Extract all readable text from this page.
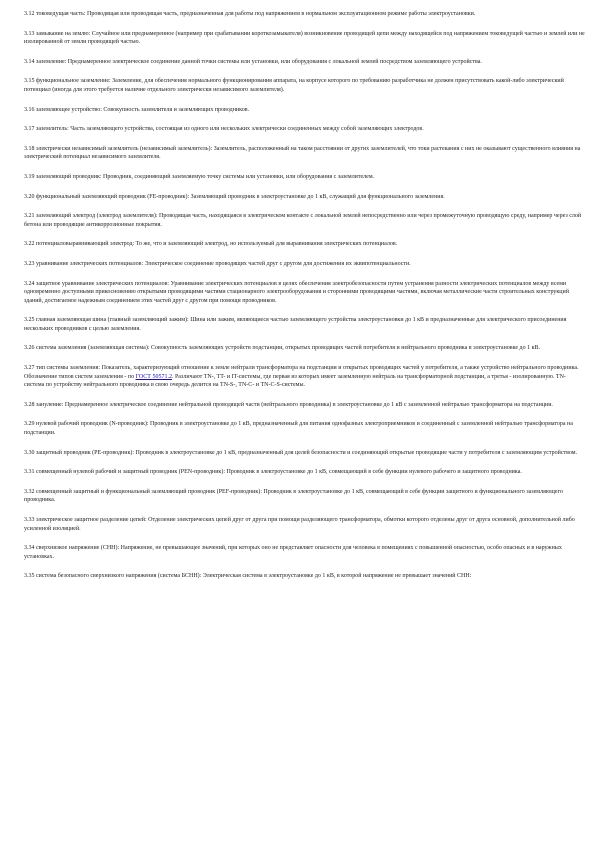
3.12 токоведущая часть: Проводящая или проводящая часть, предназначенная для работы под напряжением в нормальном эксплуатационном режиме работы электроустановки.

3.13 замыкание на землю: Случайное или преднамеренное (например при срабатывании короткозамыкателя) возникновение проводящей цепи между находящейся под напряжением токоведущей частью и землей или не изолированной от земли проводящей частью.

3.14 заземление: Преднамеренное электрическое соединение данной точки системы или установки, или оборудования с локальной землей посредством заземляющего устройства.

3.15 функциональное заземление: Заземление, для обеспечения нормального функционирования аппарата, на корпусе которого по требованию разработчика не должен присутствовать какой-либо электрический потенциал (иногда для этого требуется наличие отдельного электрически независимого заземлителя).

3.16 заземляющее устройство: Совокупность заземлителя и заземляющих проводников.

3.17 заземлитель: Часть заземляющего устройства, состоящая из одного или нескольких электрически соединенных между собой заземляющих электродов.

3.18 электрически независимый заземлитель (независимый заземлитель): Заземлитель, расположенный на таком расстоянии от других заземлителей, что токи растекания с них не оказывают существенного влияния на электрический потенциал независимого заземлителя.

3.19 заземляющий проводник: Проводник, соединяющий заземляемую точку системы или установки, или оборудования с заземлителем.

3.20 функциональный заземляющий проводник (FE-проводник): Заземляющий проводник в электроустановке до 1 кВ, служащий для функционального заземления.

3.21 заземляющий электрод (электрод заземлителя): Проводящая часть, находящаяся в электрическом контакте с локальной землей непосредственно или через промежуточную проводящую среду, например через слой бетона или проводящие антикоррозионные покрытия.

3.22 потенциаловыравнивающий электрод: То же, что и заземляющий электрод, но используемый для выравнивания электрических потенциалов.

3.23 уравнивание электрических потенциалов: Электрическое соединение проводящих частей друг с другом для достижения их эквипотенциальности.

3.24 защитное уравнивание электрических потенциалов: Уравнивание электрических потенциалов в целях обеспечения электробезопасности путем устранения разности электрических потенциалов между всеми одновременно доступными прикосновению открытыми проводящими частями стационарного электрооборудования и сторонними проводящими частями, включая металлические части строительных конструкций зданий, достигаемое надежным соединением этих частей друг с другом при помощи проводников.

3.25 главная заземляющая шина (главный заземляющий зажим): Шина или зажим, являющиеся частью заземляющего устройства электроустановки до 1 кВ и предназначенные для электрического присоединения нескольких проводников с целью заземления.

3.26 система заземления (заземляющая система): Совокупность заземляющих устройств подстанции, открытых проводящих частей потребителя и нейтрального проводника в электроустановке до 1 кВ.

3.27 тип системы заземления: Показатель, характеризующий отношение к земле нейтрали трансформатора на подстанции и открытых проводящих частей у потребителя, а также устройство нейтрального проводника. Обозначение типов систем заземления - по ГОСТ 50571.2. Различают TN-, TT- и IT-системы, где первая из которых имеет заземленную нейтраль на трансформаторной подстанции, а третья - изолированную. TN-система по устройству нейтрального проводника в свою очередь делится на TN-S-, TN-C- и TN-C-S-системы.

3.28 зануление: Преднамеренное электрическое соединение нейтральной проводящей части (нейтрального проводника) в электроустановке до 1 кВ с заземленной нейтралью трансформатора на подстанции.

3.29 нулевой рабочий проводник (N-проводник): Проводник в электроустановке до 1 кВ, предназначенный для питания однофазных электроприемников и соединенный с заземленной нейтралью трансформатора на подстанции.

3.30 защитный проводник (PE-проводник): Проводник в электроустановке до 1 кВ, предназначенный для целей безопасности и соединяющий открытые проводящие части у потребителя с заземляющим устройством.

3.31 совмещенный нулевой рабочий и защитный проводник (PEN-проводник): Проводник в электроустановке до 1 кВ, совмещающий в себе функции нулевого рабочего и защитного проводника.

3.32 совмещенный защитный и функциональный заземляющий проводник (PEF-проводник): Проводник в электроустановке до 1 кВ, совмещающий в себе функции защитного и функционального заземляющего проводника.

3.33 электрическое защитное разделение цепей: Отделение электрических цепей друг от друга при помощи разделяющего трансформатора, обмотки которого отделены друг от друга основной, дополнительной либо усиленной изоляцией.

3.34 сверхнизкое напряжение (СНН): Напряжение, не превышающее значений, при которых оно не представляет опасности для человека в помещениях с повышенной опасностью, особо опасных и в наружных установках.

3.35 система безопасного сверхнизкого напряжения (система БСНН): Электрическая система в электроустановке до 1 кВ, в которой напряжение не превышает значений СНН:
